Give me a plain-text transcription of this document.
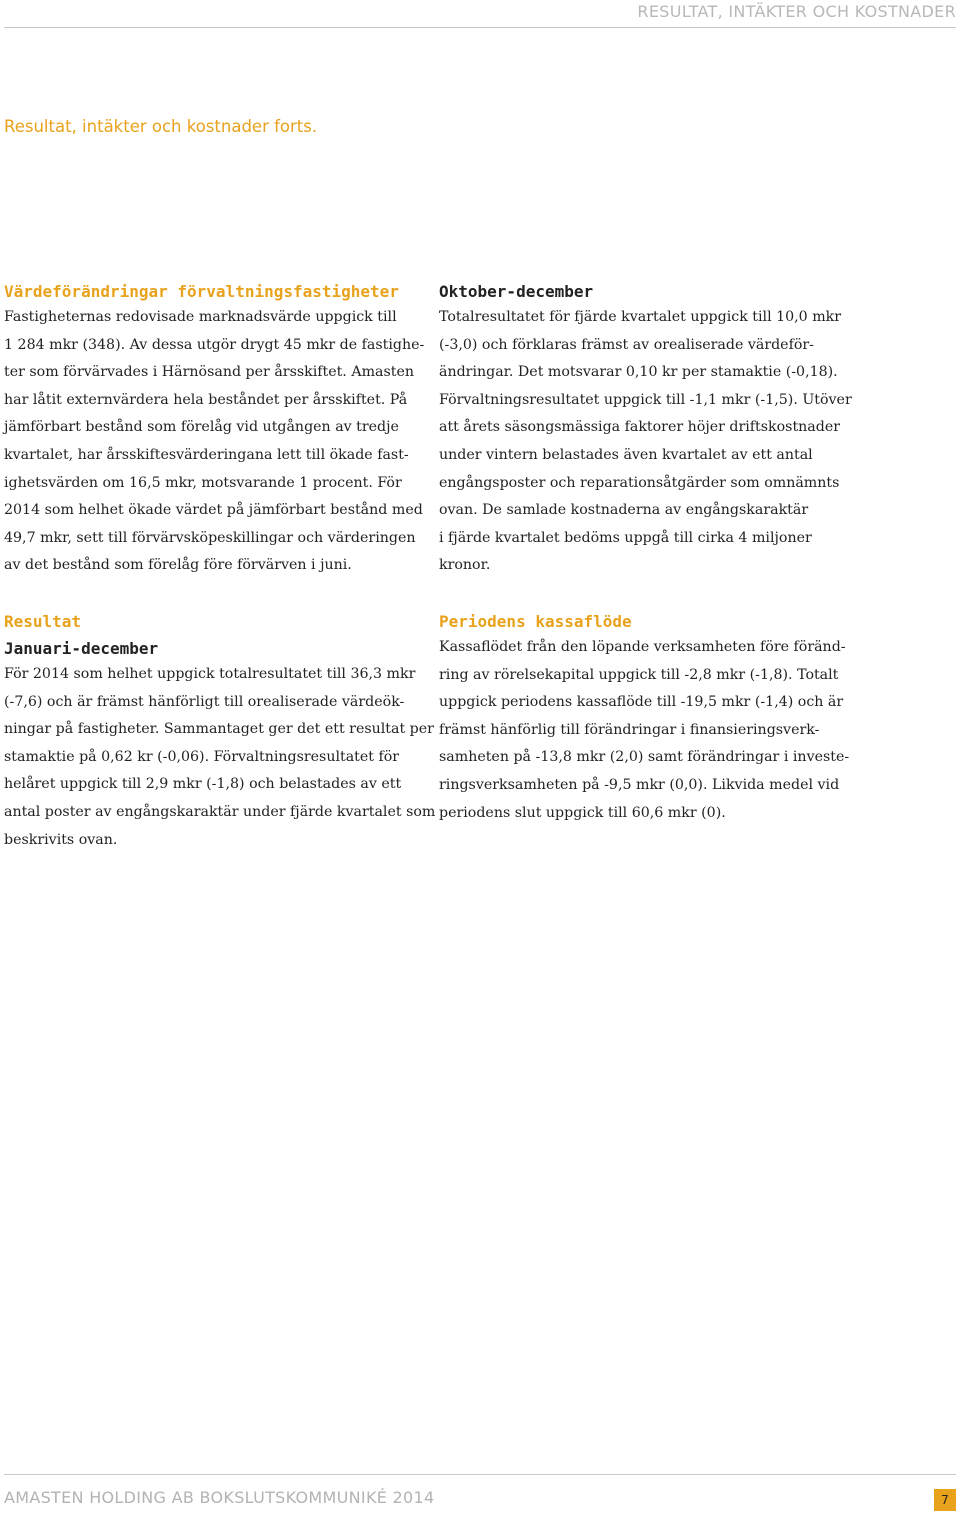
RESULTAT, INTÄKTER OCH KOSTNADER
Resultat, intäkter och kostnader forts.
Värdeförändringar förvaltningsfastigheter

Fastigheternas redovisade marknadsvärde uppgick till
1 284 mkr (348). Av dessa utgör drygt 45 mkr de fastighe-
ter som förvärvades i Härnösand per årsskiftet. Amasten
har låtit externvärdera hela beståndet per årsskiftet. På
jämförbart bestånd som förelåg vid utgången av tredje
kvartalet, har årsskiftesvärderingana lett till ökade fast-
ighetsvärden om 16,5 mkr, motsvarande 1 procent. För
2014 som helhet ökade värdet på jämförbart bestånd med
49,7 mkr, sett till förvärvsköpeskillingar och värderingen
av det bestånd som förelåg före förvärven i juni.

Resultat
Januari-december

För 2014 som helhet uppgick totalresultatet till 36,3 mkr
(-7,6) och är främst hänförligt till orealiserade värdeök-
ningar på fastigheter. Sammantaget ger det ett resultat per
stamaktie på 0,62 kr (-0,06). Förvaltningsresultatet för
helåret uppgick till 2,9 mkr (-1,8) och belastades av ett
antal poster av engångskaraktär under fjärde kvartalet som
beskrivits ovan.

Oktober-december

Totalresultatet för fjärde kvartalet uppgick till 10,0 mkr
(-3,0) och förklaras främst av orealiserade värdeför-
ändringar. Det motsvarar 0,10 kr per stamaktie (-0,18).
Förvaltningsresultatet uppgick till -1,1 mkr (-1,5). Utöver
att årets säsongsmässiga faktorer höjer driftskostnader
under vintern belastades även kvartalet av ett antal
engångsposter och reparationsåtgärder som omnämnts
ovan. De samlade kostnaderna av engångskaraktär
i fjärde kvartalet bedöms uppgå till cirka 4 miljoner
kronor.

Periodens kassaflöde

Kassaflödet från den löpande verksamheten före föränd-
ring av rörelsekapital uppgick till -2,8 mkr (-1,8). Totalt
uppgick periodens kassaflöde till -19,5 mkr (-1,4) och är
främst hänförlig till förändringar i finansieringsverk-
samheten på -13,8 mkr (2,0) samt förändringar i investe-
ringsverksamheten på -9,5 mkr (0,0). Likvida medel vid
periodens slut uppgick till 60,6 mkr (0).

AMASTEN HOLDING AB BOKSLUTSKOMMUNIKÉ 2014	7
